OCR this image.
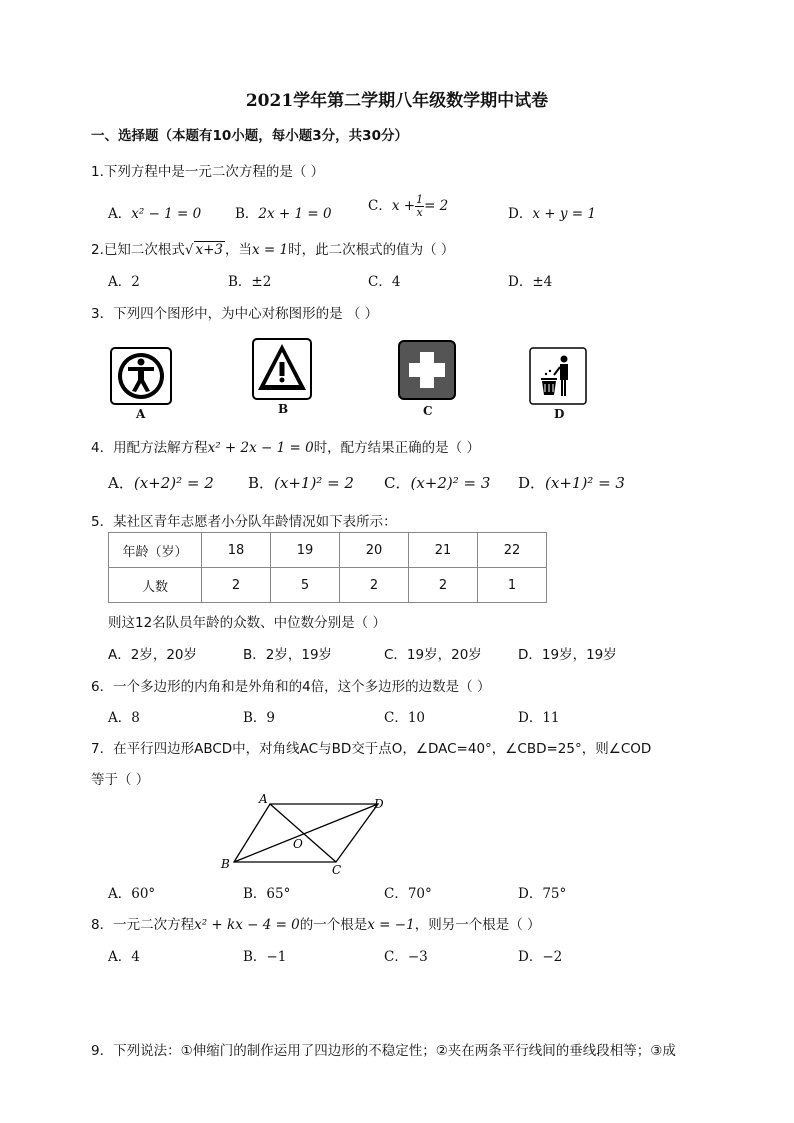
2021学年第二学期八年级数学期中试卷
一、选择题（本题有10小题，每小题3分，共30分）
1.下列方程中是一元二次方程的是（ ）
A．x² − 1 = 0	B．2x + 1 = 0	C．$x + \frac{1}{x} = 2$	D．x + y = 1
2.已知二次根式√ x+3 ，当x = 1时，此二次根式的值为（ ）
A．2	B．±2	C．4	D．±4
3．下列四个图形中，为中心对称图形的是 （ ）
A	B	C	D
4．用配方法解方程x² + 2x − 1 = 0时，配方结果正确的是（ ）
A．(x+2)² = 2 B．(x+1)² = 2 C．(x+2)² = 3 D．(x+1)² = 3
5．某社区青年志愿者小分队年龄情况如下表所示：
年龄（岁）	18	19	20	21	22
人数	2	5	2	2	1
则这12名队员年龄的众数、中位数分别是（ ）
A．2岁，20岁	B．2岁，19岁	C．19岁，20岁	D．19岁，19岁
6．一个多边形的内角和是外角和的4倍，这个多边形的边数是（ ）
A．8	B．9	C．10	D．11
7．在平行四边形ABCD中，对角线AC与BD交于点O，∠DAC=40°，∠CBD=25°，则∠COD
等于（ ）
A
B	C
D
O
A．60°	B．65°	C．70°	D．75°
8．一元二次方程x² + kx − 4 = 0的一个根是x = −1，则另一个根是（ ）
A．4	B．−1	C．−3	D．−2
9．下列说法：①伸缩门的制作运用了四边形的不稳定性；②夹在两条平行线间的垂线段相等；③成
